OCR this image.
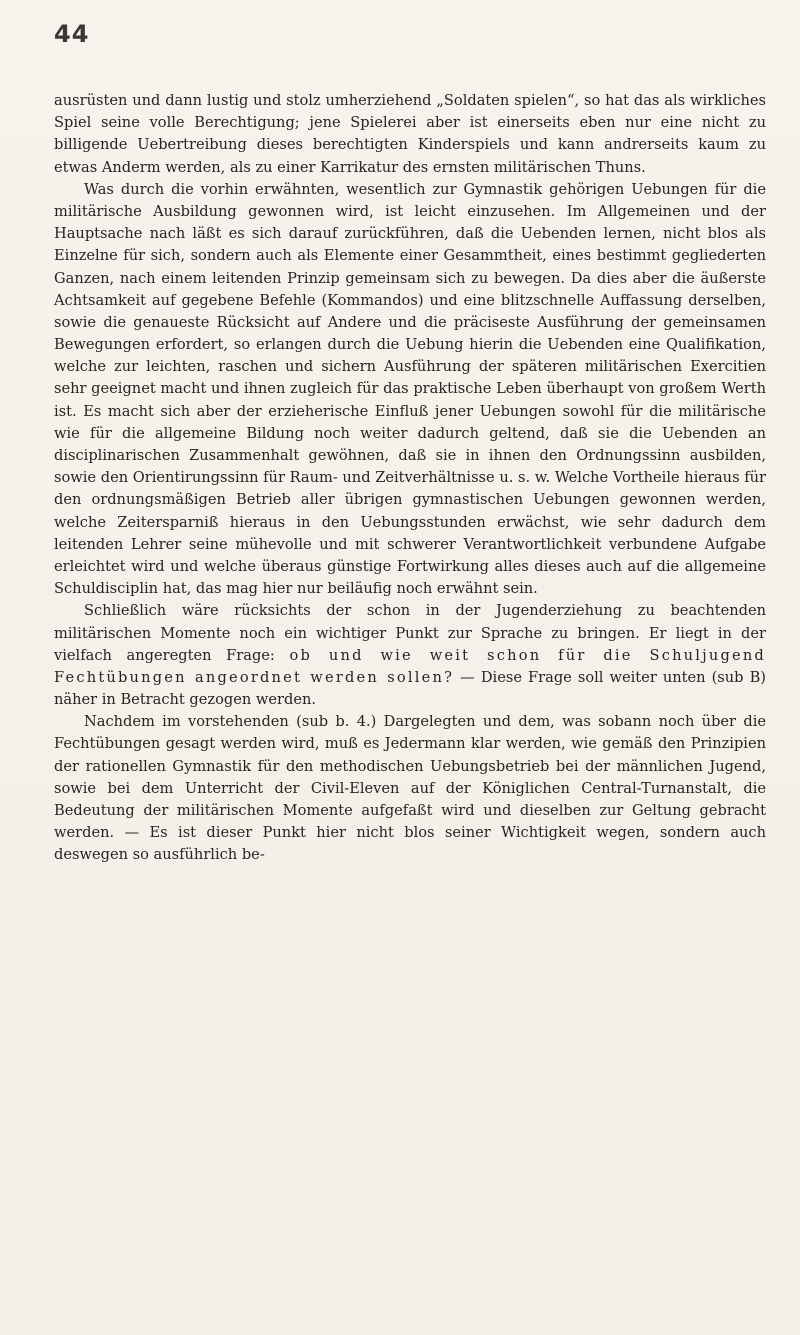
44

ausrüsten und dann lustig und stolz umherziehend „Soldaten spielen“, so hat das als wirkliches Spiel seine volle Berechtigung; jene Spielerei aber ist einerseits eben nur eine nicht zu billigende Uebertreibung dieses berechtigten Kinderspiels und kann andrerseits kaum zu etwas Anderm werden, als zu einer Karrikatur des ernsten militärischen Thuns.

Was durch die vorhin erwähnten, wesentlich zur Gymnastik gehörigen Uebungen für die militärische Ausbildung gewonnen wird, ist leicht einzusehen. Im Allgemeinen und der Hauptsache nach läßt es sich darauf zurückführen, daß die Uebenden lernen, nicht blos als Einzelne für sich, sondern auch als Elemente einer Gesammtheit, eines bestimmt gegliederten Ganzen, nach einem leitenden Prinzip gemeinsam sich zu bewegen. Da dies aber die äußerste Achtsamkeit auf gegebene Befehle (Kommandos) und eine blitzschnelle Auffassung derselben, sowie die genaueste Rücksicht auf Andere und die präciseste Ausführung der gemeinsamen Bewegungen erfordert, so erlangen durch die Uebung hierin die Uebenden eine Qualifikation, welche zur leichten, raschen und sichern Ausführung der späteren militärischen Exercitien sehr geeignet macht und ihnen zugleich für das praktische Leben überhaupt von großem Werth ist. Es macht sich aber der erzieherische Einfluß jener Uebungen sowohl für die militärische wie für die allgemeine Bildung noch weiter dadurch geltend, daß sie die Uebenden an disciplinarischen Zusammenhalt gewöhnen, daß sie in ihnen den Ordnungssinn ausbilden, sowie den Orientirungssinn für Raum- und Zeitverhältnisse u. s. w. Welche Vortheile hieraus für den ordnungsmäßigen Betrieb aller übrigen gymnastischen Uebungen gewonnen werden, welche Zeitersparniß hieraus in den Uebungsstunden erwächst, wie sehr dadurch dem leitenden Lehrer seine mühevolle und mit schwerer Verantwortlichkeit verbundene Aufgabe erleichtet wird und welche überaus günstige Fortwirkung alles dieses auch auf die allgemeine Schuldisciplin hat, das mag hier nur beiläufig noch erwähnt sein.

Schließlich wäre rücksichts der schon in der Jugenderziehung zu beachtenden militärischen Momente noch ein wichtiger Punkt zur Sprache zu bringen. Er liegt in der vielfach angeregten Frage: ob und wie weit schon für die Schuljugend Fechtübungen angeordnet werden sollen? — Diese Frage soll weiter unten (sub B) näher in Betracht gezogen werden.

Nachdem im vorstehenden (sub b. 4.) Dargelegten und dem, was sobann noch über die Fechtübungen gesagt werden wird, muß es Jedermann klar werden, wie gemäß den Prinzipien der rationellen Gymnastik für den methodischen Uebungsbetrieb bei der männlichen Jugend, sowie bei dem Unterricht der Civil-Eleven auf der Königlichen Central-Turnanstalt, die Bedeutung der militärischen Momente aufgefaßt wird und dieselben zur Geltung gebracht werden. — Es ist dieser Punkt hier nicht blos seiner Wichtigkeit wegen, sondern auch deswegen so ausführlich be-
